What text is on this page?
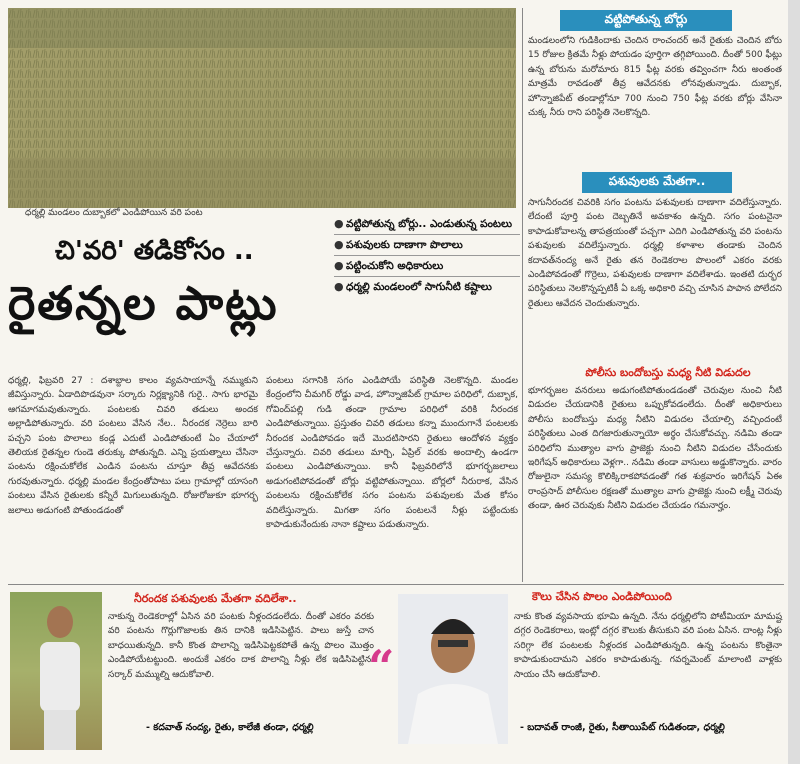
ధర్మల్లి మండలం దుబ్బాకలో ఎండిపోయిన వరి పంట
చి'వరి' తడికోసం ..
రైతన్నల పాట్లు
● వట్టిపోతున్న బోర్లు.. ఎండుతున్న పంటలు
● పశువులకు దాణాగా పొలాలు
● పట్టించుకోని అధికారులు
● ధర్మల్లి మండలంలో సాగునీటి కష్టాలు
ధర్మల్లి, ఫిబ్రవరి 27 : దశాబ్దాల కాలం వ్యవసాయాన్నే నమ్ముకుని జీవిస్తున్నారు. ఏడాదిపొడవునా సర్కారు నిర్లక్ష్యానికి గురై.. సాగు భారమై ఆగమాగమవుతున్నారు. పంటలకు చివరి తడులు అందక అల్లాడిపోతున్నారు. వరి పంటలు వేసిన నేల.. నీరందక నెర్రెలు బారి పచ్చని పంట పొలాలు కండ్ల ఎదుటే ఎండిపోతుంటే ఏం చేయాలో తెలియక రైతన్నల గుండె తరుక్కు పోతున్నది. ఎన్ని ప్రయత్నాలు చేసినా పంటను రక్షించుకోలేక ఎండిన పంటను చూస్తూ తీవ్ర ఆవేదనకు గురవుతున్నారు. ధర్మల్లి మండల కేంద్రంతోపాటు పలు గ్రామాల్లో యాసంగి పంటలు వేసిన రైతులకు కన్నీరే మిగులుతున్నది. రోజురోజుకూ భూగర్భ జలాలు అడుగంటి పోతుండడంతో
పంటలు సగానికి సగం ఎండిపోయే పరిస్థితి నెలకొన్నది. మండల కేంద్రంలోని చీమగిర్ రోడ్డు వాడ, హొన్నాజిపేట్ గ్రామాల పరిధిలో, దుబ్బాక, గోవింద్‌పల్లి గుడి తండా గ్రామాల పరిధిలో వరికి నీరందక ఎండిపోతున్నాయి. ప్రస్తుతం చివరి తడులు కన్నా ముందుగానే పంటలకు నీరందక ఎండిపోవడం ఇదే మొదటిసారని రైతులు ఆందోళన వ్యక్తం చేస్తున్నారు. చివరి తడులు మార్చి, ఏప్రిల్ వరకు అందాల్సి ఉండగా పంటలు ఎండిపోతున్నాయి. కానీ ఫిబ్రవరిలోనే భూగర్భజలాలు అడుగంటిపోవడంతో బోర్లు వట్టిపోతున్నాయి. బోర్లలో నీరురాక, వేసిన పంటలను రక్షించుకోలేక సగం పంటను పశువులకు మేత కోసం వదిలేస్తున్నారు. మిగతా సగం పంటలనే నీళ్లు పట్టేందుకు కాపాడుకునేందుకు నానా కష్టాలు పడుతున్నారు.
వట్టిపోతున్న బోర్లు
మండలంలోని గుడికిందాకు చెందిన రాంచందర్ అనే రైతుకు చెందిన బోరు 15 రోజుల క్రితమే నీళ్లు పోయడం పూర్తిగా తగ్గిపోయింది. దీంతో 500 ఫీట్లు ఉన్న బోరును మరోమారు 815 ఫీట్ల వరకు తవ్వించగా నీరు అంతంత మాత్రమే రావడంతో తీవ్ర ఆవేదనకు లోనవుతున్నాడు. దుబ్బాక, హొన్నాజిపేట్ తండాల్లోనూ 700 నుంచి 750 ఫీట్ల వరకు బోర్లు వేసినా చుక్క నీరు రాని పరిస్థితి నెలకొన్నది.
పశువులకు మేతగా..
సాగునీరందక చివరికి సగం పంటను పశువులకు దాణాగా వదిలేస్తున్నారు. లేదంటే పూర్తి పంట దెబ్బతినే అవకాశం ఉన్నది. సగం పంటనైనా కాపాడుకోవాలన్న తాపత్రయంతో పచ్చగా ఎదిగి ఎండిపోతున్న వరి పంటను పశువులకు వదిలేస్తున్నారు. ధర్మల్లి కళాశాల తండాకు చెందిన కదావత్‌నంద్య అనే రైతు తన రెండెకరాల పొలంలో ఎకరం వరకు ఎండిపోవడంతో గొర్రెలు, పశువులకు దాణాగా వదిలేశాడు. ఇంతటి దుర్భర పరిస్థితులు నెలకొన్నప్పటికీ ఏ ఒక్క అధికారి వచ్చి చూసిన పాపాన పోలేదని రైతులు ఆవేదన చెందుతున్నారు.
పోలీసు బందోబస్తు మధ్య నీటి విడుదల
భూగర్భజల వనరులు అడుగంటిపోతుండడంతో చెరువుల నుంచి నీటి విడుదల చేయడానికి రైతులు ఒప్పుకోవడంలేదు. దీంతో అధికారులు పోలీసు బందోబస్తు మధ్య నీటిని విడుదల చేయాల్సి వచ్చిందంటే పరిస్థితులు ఎంత దిగజారుతున్నాయో అర్థం చేసుకోవచ్చు. నడిమి తండా పరిధిలోని ముత్యాల వాగు ప్రాజెక్టు నుంచి నీటిని విడుదల చేసేందుకు ఇరిగేషన్ అధికారులు వెళ్లగా.. నడిమి తండా వాసులు అడ్డుకొన్నారు. వారం రోజులైనా సమస్య కొలిక్కిరాకపోవడంతో గత శుక్రవారం ఇరిగేషన్ ఏఈ రాంప్రసాద్ పోలీసుల రక్షణతో ముత్యాల వాగు ప్రాజెక్టు నుంచి లక్ష్మీ చెరువు తండా, ఊర చెరువుకు నీటిని విడుదల చేయడం గమనార్హం.
నీరందక పశువులకు మేతగా వదిలేశా..
నాకున్న రెండెకరాల్లో ఏసిన వరి పంటకు నీళ్లందడంలేదు. దీంతో ఎకరం వరకు వరి పంటను గొర్లుగొజాలకు తిన దానికి ఇడిసిపెట్టిన. పాలు జుస్తే చాన బాధయితున్నది. కానీ కొంత పొలాన్ని ఇడిసిపెట్టకపోతే ఉన్న పొలం మొత్తం ఎండిపోయేటట్టుంది. అందుకే ఎకరం దాక పొలాన్ని నీళ్లు లేక ఇడిసిపెట్టిన. సర్కార్ మమ్ముల్ని ఆదుకోవాలి.
- కదవాత్ నంద్య, రైతు, కాలేజీ తండా, ధర్మల్లి
“
కౌలు చేసిన పొలం ఎండిపోయింది
నాకు కొంత వ్యవసాయ భూమి ఉన్నది. నేను ధర్మల్లిలోని పోటీమియా మామష్ట దగ్గర రెండెకరాలు, ఇంట్లో దగ్గర కౌలుకు తీసుకుని వరి పంట ఏసిన. దాంట్ల నీళ్లు సరిగ్గా లేక పంటలకు నీళ్లందక ఎండిపోతున్నది. ఉన్న పంటను కొంతైనా కాపాడుకుందామని ఎకరం కాపాడుతున్న. గవర్నమెంట్ మాలాంటి వాళ్లకు సాయం చేసి ఆదుకోవాలి.
- బదావత్ రాంజీ, రైతు, సీతాయిపేట్ గుడితండా, ధర్మల్లి
